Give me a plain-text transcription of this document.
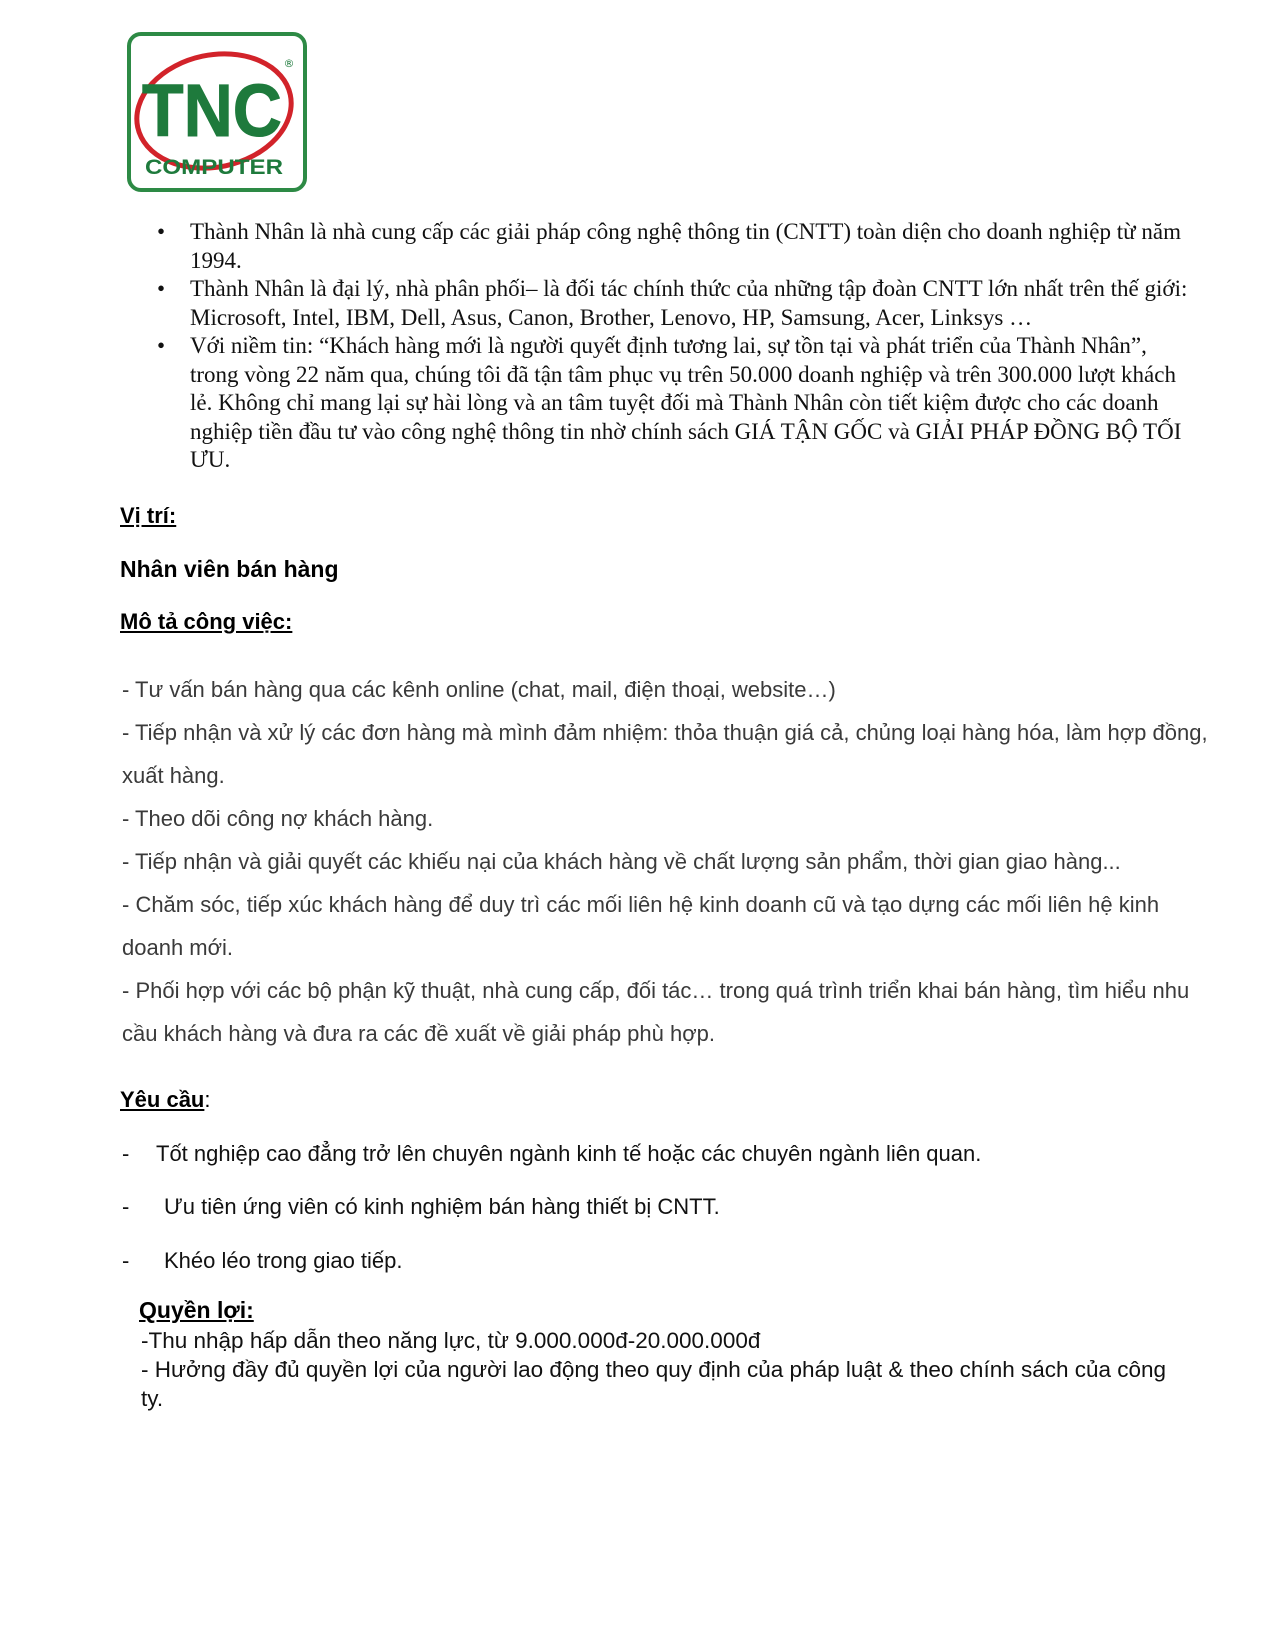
TNC
®
COMPUTER
• Thành Nhân là nhà cung cấp các giải pháp công nghệ thông tin (CNTT) toàn diện cho doanh nghiệp từ năm 1994.
• Thành Nhân là đại lý, nhà phân phối– là đối tác chính thức của những tập đoàn CNTT lớn nhất trên thế giới: Microsoft, Intel, IBM, Dell, Asus, Canon, Brother, Lenovo, HP, Samsung, Acer, Linksys …
• Với niềm tin: “Khách hàng mới là người quyết định tương lai, sự tồn tại và phát triển của Thành Nhân”, trong vòng 22 năm qua, chúng tôi đã tận tâm phục vụ trên 50.000 doanh nghiệp và trên 300.000 lượt khách lẻ. Không chỉ mang lại sự hài lòng và an tâm tuyệt đối mà Thành Nhân còn tiết kiệm được cho các doanh nghiệp tiền đầu tư vào công nghệ thông tin nhờ chính sách GIÁ TẬN GỐC và GIẢI PHÁP ĐỒNG BỘ TỐI ƯU.
Vị trí:
Nhân viên bán hàng
Mô tả công việc:
- Tư vấn bán hàng qua các kênh online (chat, mail, điện thoại, website…)
- Tiếp nhận và xử lý các đơn hàng mà mình đảm nhiệm: thỏa thuận giá cả, chủng loại hàng hóa, làm hợp đồng, xuất hàng.
- Theo dõi công nợ khách hàng.
- Tiếp nhận và giải quyết các khiếu nại của khách hàng về chất lượng sản phẩm, thời gian giao hàng...
- Chăm sóc, tiếp xúc khách hàng để duy trì các mối liên hệ kinh doanh cũ và tạo dựng các mối liên hệ kinh doanh mới.
- Phối hợp với các bộ phận kỹ thuật, nhà cung cấp, đối tác… trong quá trình triển khai bán hàng, tìm hiểu nhu cầu khách hàng và đưa ra các đề xuất về giải pháp phù hợp.
Yêu cầu:
- Tốt nghiệp cao đẳng trở lên chuyên ngành kinh tế hoặc các chuyên ngành liên quan.
- Ưu tiên ứng viên có kinh nghiệm bán hàng thiết bị CNTT.
- Khéo léo trong giao tiếp.
Quyền lợi:
-Thu nhập hấp dẫn theo năng lực, từ 9.000.000đ-20.000.000đ
- Hưởng đầy đủ quyền lợi của người lao động theo quy định của pháp luật & theo chính sách của công ty.
